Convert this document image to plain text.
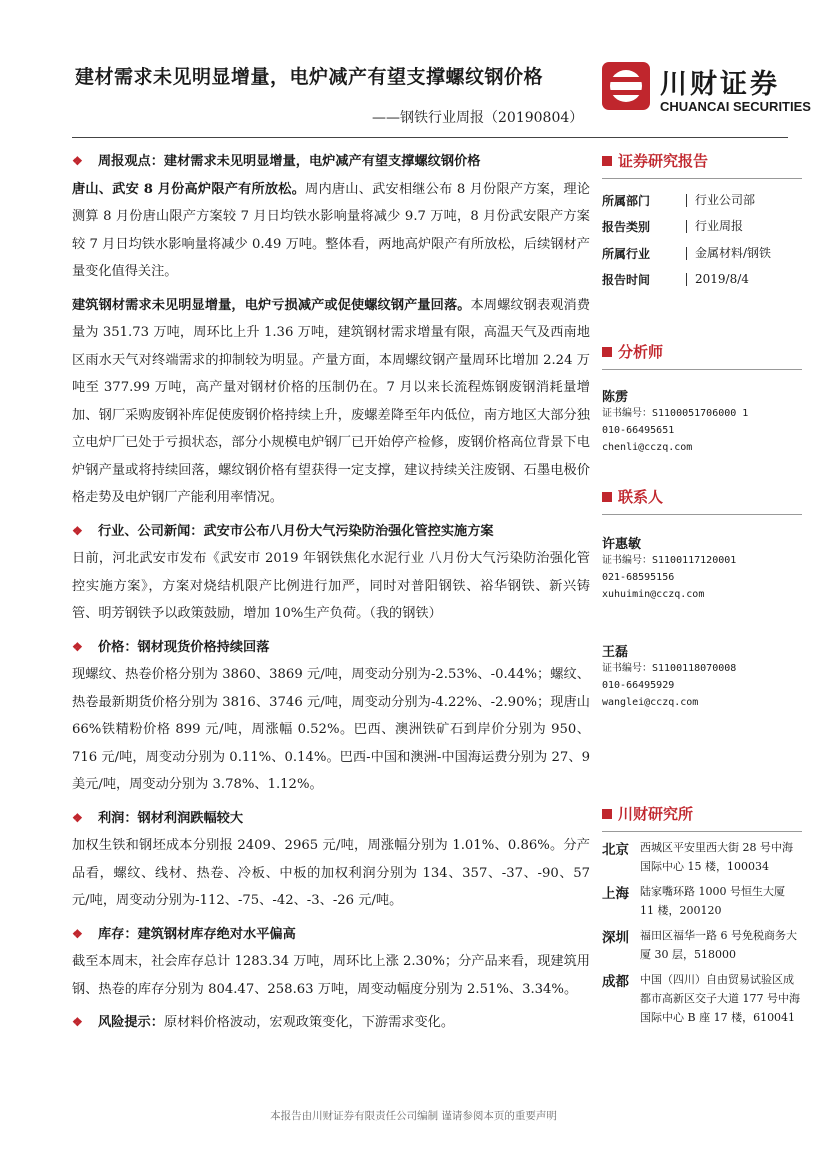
建材需求未见明显增量，电炉减产有望支撑螺纹钢价格
——钢铁行业周报（20190804）
川财证券
CHUANCAI SECURITIES

❖	周报观点：建材需求未见明显增量，电炉减产有望支撑螺纹钢价格

唐山、武安 8 月份高炉限产有所放松。周内唐山、武安相继公布 8 月份限产方案，理论测算 8 月份唐山限产方案较 7 月日均铁水影响量将减少 9.7 万吨，8 月份武安限产方案较 7 月日均铁水影响量将减少 0.49 万吨。整体看，两地高炉限产有所放松，后续钢材产量变化值得关注。

建筑钢材需求未见明显增量，电炉亏损减产或促使螺纹钢产量回落。本周螺纹钢表观消费量为 351.73 万吨，周环比上升 1.36 万吨，建筑钢材需求增量有限，高温天气及西南地区雨水天气对终端需求的抑制较为明显。产量方面，本周螺纹钢产量周环比增加 2.24 万吨至 377.99 万吨，高产量对钢材价格的压制仍在。7 月以来长流程炼钢废钢消耗量增加、钢厂采购废钢补库促使废钢价格持续上升，废螺差降至年内低位，南方地区大部分独立电炉厂已处于亏损状态，部分小规模电炉钢厂已开始停产检修，废钢价格高位背景下电炉钢产量或将持续回落，螺纹钢价格有望获得一定支撑，建议持续关注废钢、石墨电极价格走势及电炉钢厂产能利用率情况。

❖	行业、公司新闻：武安市公布八月份大气污染防治强化管控实施方案

日前，河北武安市发布《武安市 2019 年钢铁焦化水泥行业 八月份大气污染防治强化管控实施方案》，方案对烧结机限产比例进行加严，同时对普阳钢铁、裕华钢铁、新兴铸管、明芳钢铁予以政策鼓励，增加 10%生产负荷。（我的钢铁）

❖	价格：钢材现货价格持续回落

现螺纹、热卷价格分别为 3860、3869 元/吨，周变动分别为-2.53%、-0.44%；螺纹、热卷最新期货价格分别为 3816、3746 元/吨，周变动分别为-4.22%、-2.90%；现唐山 66%铁精粉价格 899 元/吨，周涨幅 0.52%。巴西、澳洲铁矿石到岸价分别为 950、716 元/吨，周变动分别为 0.11%、0.14%。巴西-中国和澳洲-中国海运费分别为 27、9 美元/吨，周变动分别为 3.78%、1.12%。

❖	利润：钢材利润跌幅较大

加权生铁和钢坯成本分别报 2409、2965 元/吨，周涨幅分别为 1.01%、0.86%。分产品看，螺纹、线材、热卷、冷板、中板的加权利润分别为 134、357、-37、-90、57 元/吨，周变动分别为-112、-75、-42、-3、-26 元/吨。

❖	库存：建筑钢材库存绝对水平偏高

截至本周末，社会库存总计 1283.34 万吨，周环比上涨 2.30%；分产品来看，现建筑用钢、热卷的库存分别为 804.47、258.63 万吨，周变动幅度分别为 2.51%、3.34%。

❖	风险提示： 原材料价格波动，宏观政策变化，下游需求变化。

证券研究报告
所属部门	行业公司部
报告类别	行业周报
所属行业	金属材料/钢铁
报告时间	2019/8/4
分析师
陈雳
证书编号：S1100051706000 1
010-66495651
chenli@cczq.com
联系人
许惠敏
证书编号：S1100117120001
021-68595156
xuhuimin@cczq.com
王磊
证书编号：S1100118070008
010-66495929
wanglei@cczq.com
川财研究所
北京	西城区平安里西大街 28 号中海国际中心 15 楼，100034
上海	陆家嘴环路 1000 号恒生大厦 11 楼，200120
深圳	福田区福华一路 6 号免税商务大厦 30 层，518000
成都	中国（四川）自由贸易试验区成都市高新区交子大道 177 号中海国际中心 B 座 17 楼，610041
本报告由川财证券有限责任公司编制 谨请参阅本页的重要声明
